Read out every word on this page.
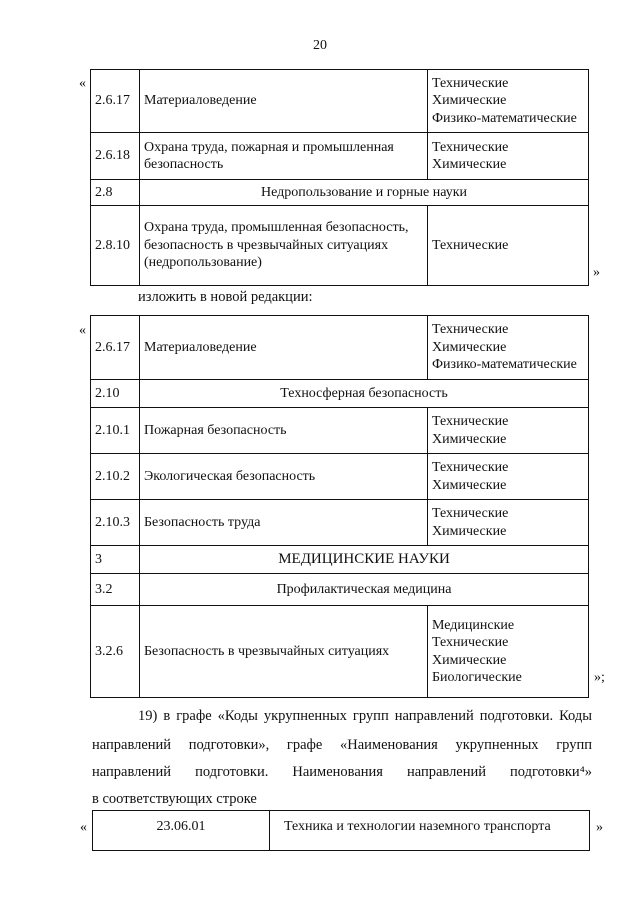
20
«
2.6.17	Материаловедение	Технические
Химические
Физико-математические

2.6.18	Охрана труда, пожарная и промышленная безопасность	Технические
Химические

2.8	Недропользование и горные науки	
2.8.10	Охрана труда, промышленная безопасность, безопасность в чрезвычайных ситуациях (недропользование)	Технические
»
изложить в новой редакции:
«
2.6.17	Материаловедение	Технические
Химические
Физико-математические

2.10	Техносферная безопасность	
2.10.1	Пожарная безопасность	Технические
Химические

2.10.2	Экологическая безопасность	Технические
Химические

2.10.3	Безопасность труда	Технические
Химические

3	МЕДИЦИНСКИЕ НАУКИ	
3.2	Профилактическая медицина	
3.2.6	Безопасность в чрезвычайных ситуациях	Медицинские
Технические
Химические
Биологические	»;

19) в графе «Коды укрупненных групп направлений подготовки. Коды

направлений подготовки», графе «Наименования укрупненных групп

направлений подготовки. Наименования направлений подготовки⁴»

в соответствующих строке

«	23.06.01	Техника и технологии наземного транспорта	»
